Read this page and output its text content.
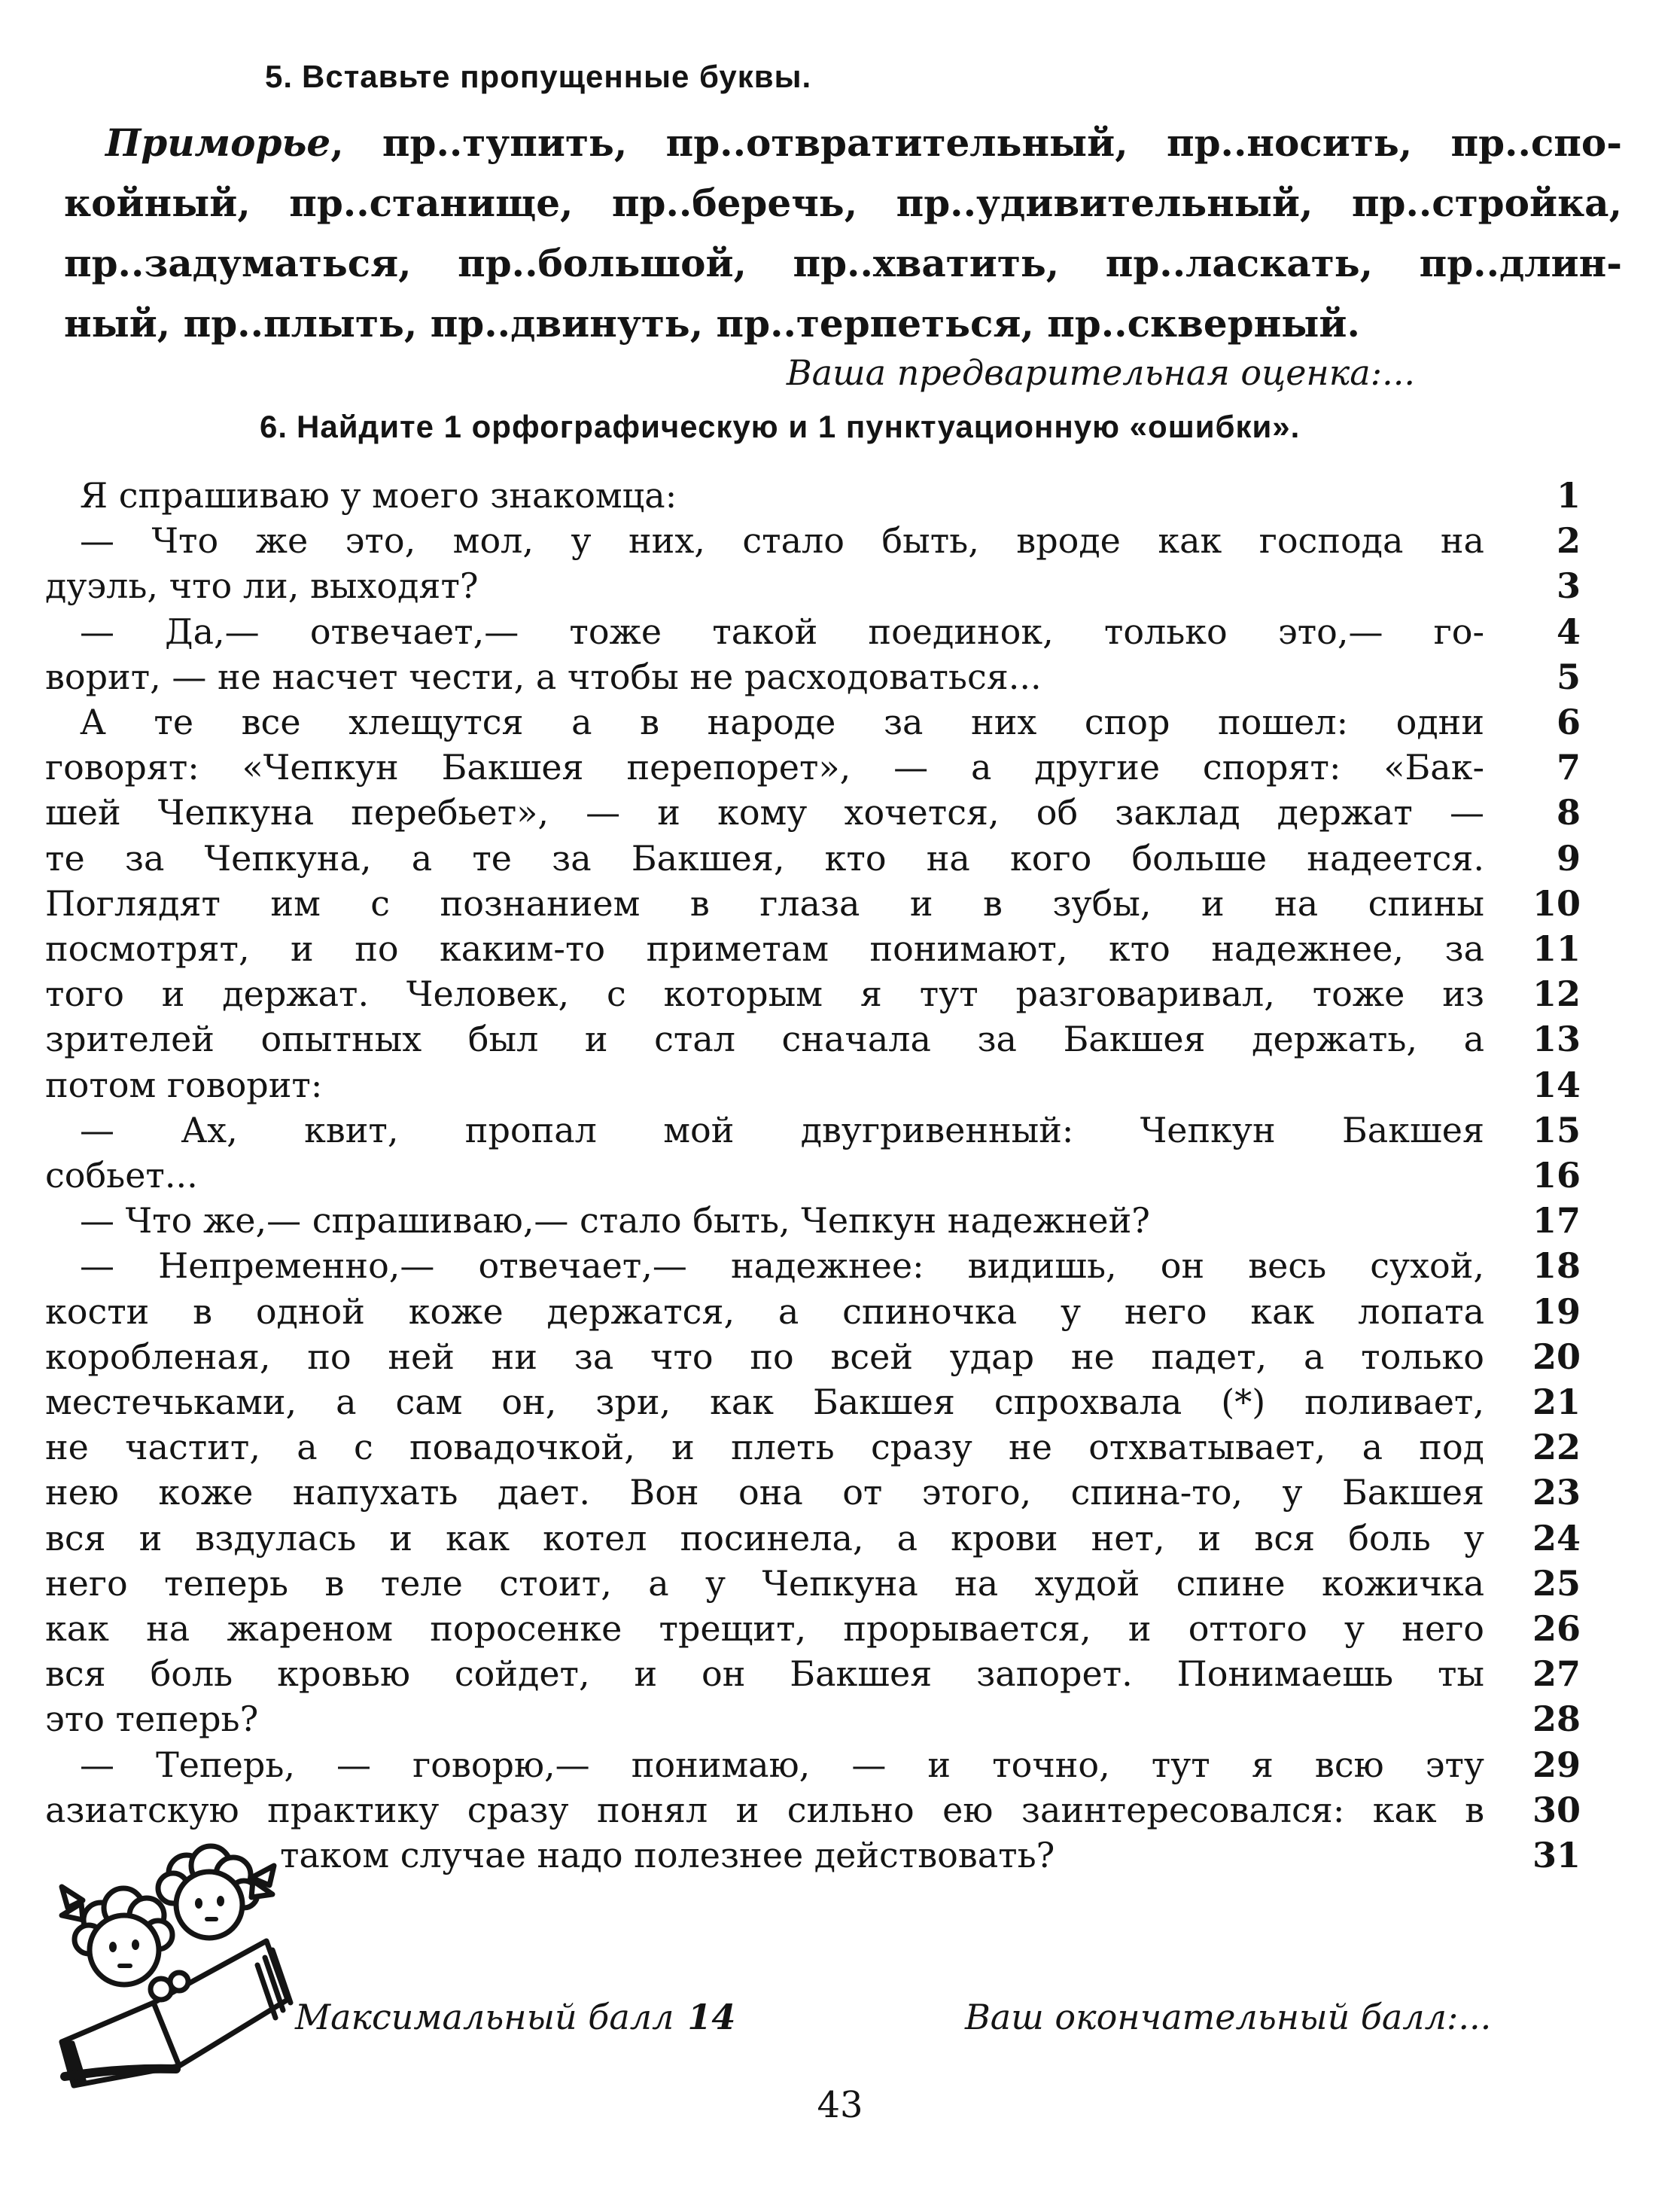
5. Вставьте пропущенные буквы.
Приморье, пр..тупить, пр..отвратительный, пр..носить, пр..спо-
койный, пр..станище, пр..беречь, пр..удивительный, пр..стройка,
пр..задуматься, пр..большой, пр..хватить, пр..ласкать, пр..длин-
ный, пр..плыть, пр..двинуть, пр..терпеться, пр..скверный.
Ваша предварительная оценка:...
6. Найдите 1 орфографическую и 1 пунктуационную «ошибки».
Я спрашиваю у моего знакомца:	1
— Что же это, мол, у них, стало быть, вроде как господа на	2
дуэль, что ли, выходят?	3
— Да,— отвечает,— тоже такой поединок, только это,— го-	4
ворит, — не насчет чести, а чтобы не расходоваться...	5
А те все хлещутся а в народе за них спор пошел: одни	6
говорят: «Чепкун Бакшея перепорет», — а другие спорят: «Бак-	7
шей Чепкуна перебьет», — и кому хочется, об заклад держат —	8
те за Чепкуна, а те за Бакшея, кто на кого больше надеется.	9
Поглядят им с познанием в глаза и в зубы, и на спины	10
посмотрят, и по каким-то приметам понимают, кто надежнее, за	11
того и держат. Человек, с которым я тут разговаривал, тоже из	12
зрителей опытных был и стал сначала за Бакшея держать, а	13
потом говорит:	14
— Ах, квит, пропал мой двугривенный: Чепкун Бакшея	15
собьет...	16
— Что же,— спрашиваю,— стало быть, Чепкун надежней?	17
— Непременно,— отвечает,— надежнее: видишь, он весь сухой,	18
кости в одной коже держатся, а спиночка у него как лопата	19
коробленая, по ней ни за что по всей удар не падет, а только	20
местечьками, а сам он, зри, как Бакшея спрохвала (*) поливает,	21
не частит, а с повадочкой, и плеть сразу не отхватывает, а под	22
нею коже напухать дает. Вон она от этого, спина-то, у Бакшея	23
вся и вздулась и как котел посинела, а крови нет, и вся боль у	24
него теперь в теле стоит, а у Чепкуна на худой спине кожичка	25
как на жареном поросенке трещит, прорывается, и оттого у него	26
вся боль кровью сойдет, и он Бакшея запорет. Понимаешь ты	27
это теперь?	28
— Теперь, — говорю,— понимаю, — и точно, тут я всю эту	29
азиатскую практику сразу понял и сильно ею заинтересовался: как в	30
таком случае надо полезнее действовать?	31
Максимальный балл 14	Ваш окончательный балл:...
43
